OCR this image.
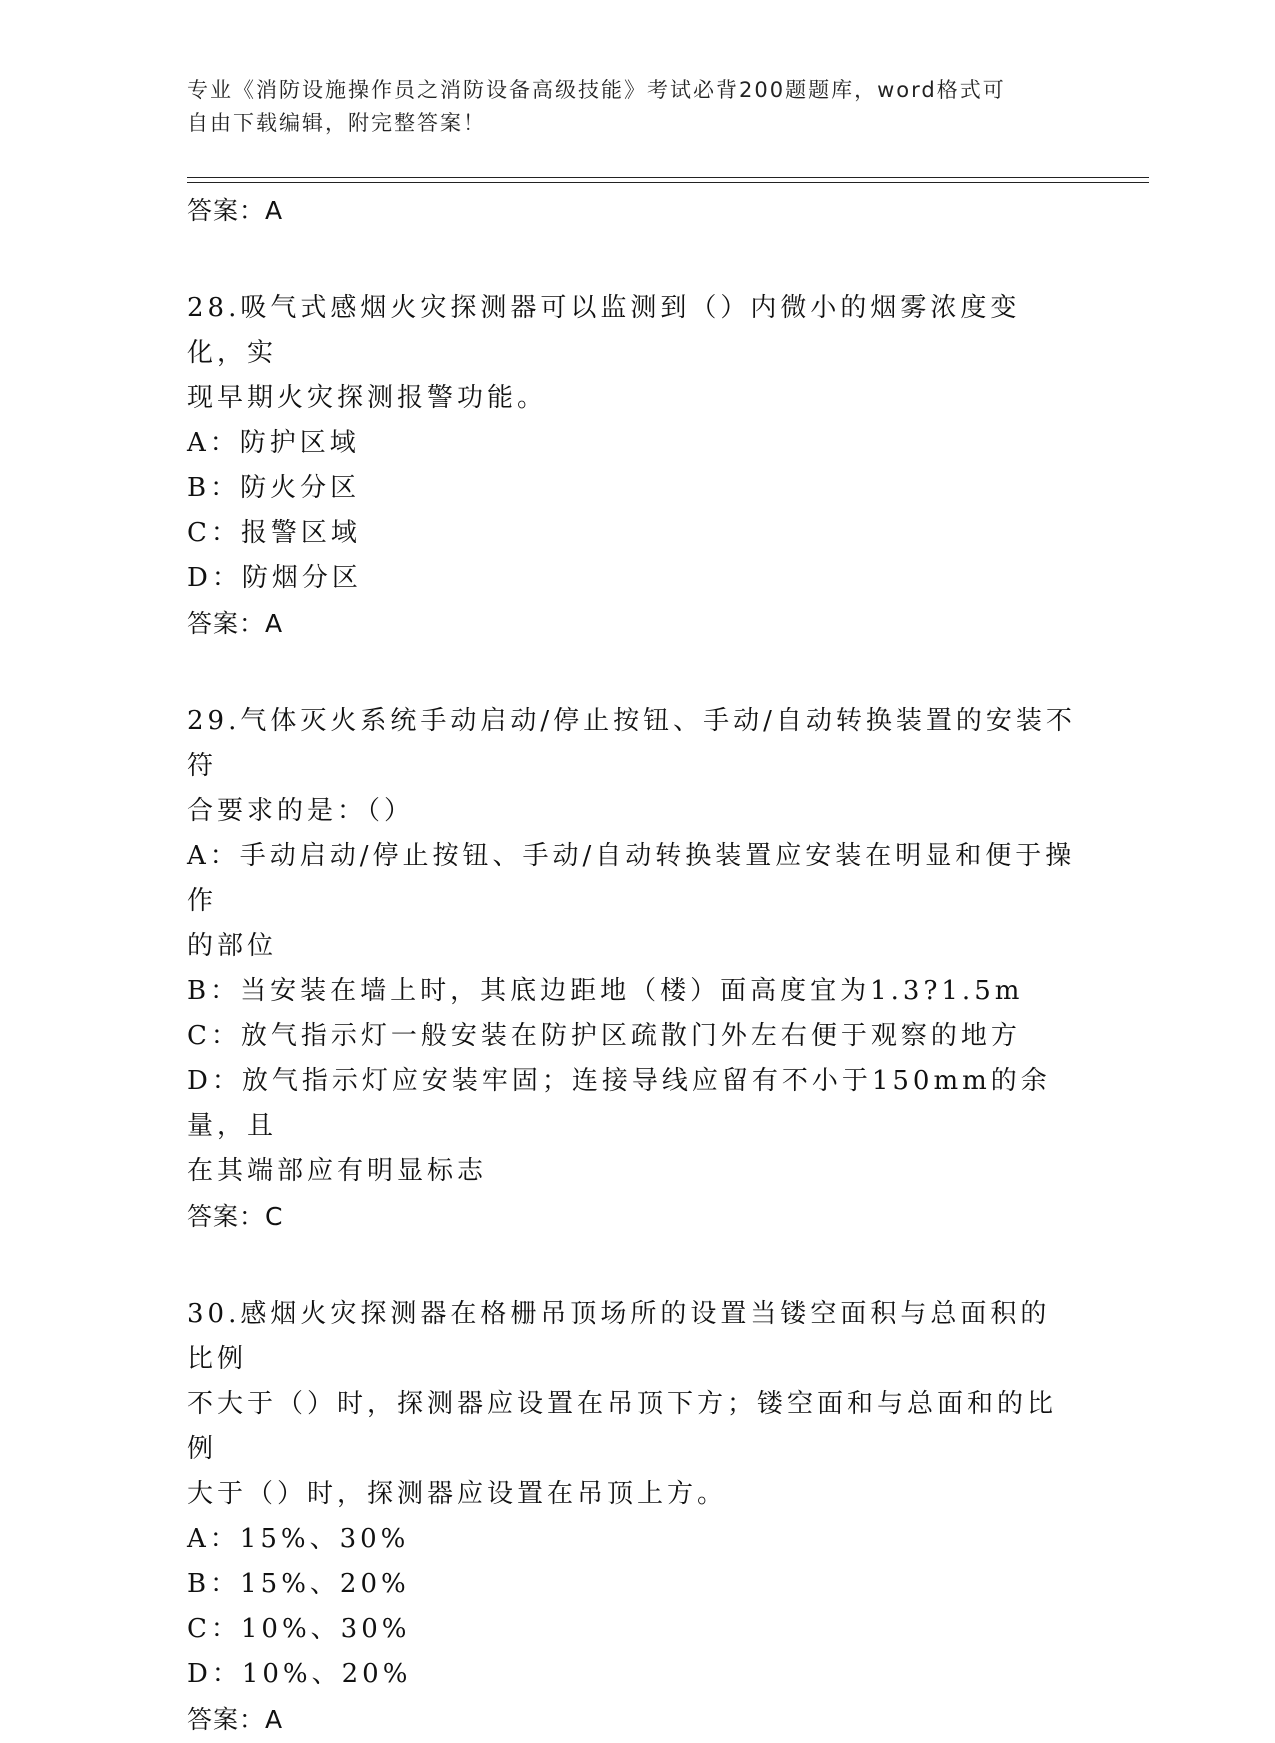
专业《消防设施操作员之消防设备高级技能》考试必背200题题库，word格式可
自由下载编辑，附完整答案！
答案：A
28.吸气式感烟火灾探测器可以监测到（）内微小的烟雾浓度变化，实
现早期火灾探测报警功能。
A：防护区域
B：防火分区
C：报警区域
D：防烟分区
答案：A
29.气体灭火系统手动启动/停止按钮、手动/自动转换装置的安装不符
合要求的是：（）
A：手动启动/停止按钮、手动/自动转换装置应安装在明显和便于操作
的部位
B：当安装在墙上时，其底边距地（楼）面高度宜为1.3?1.5m
C：放气指示灯一般安装在防护区疏散门外左右便于观察的地方
D：放气指示灯应安装牢固；连接导线应留有不小于150mm的余量，且
在其端部应有明显标志
答案：C
30.感烟火灾探测器在格栅吊顶场所的设置当镂空面积与总面积的比例
不大于（）时，探测器应设置在吊顶下方；镂空面和与总面和的比例
大于（）时，探测器应设置在吊顶上方。
A：15%、30%
B：15%、20%
C：10%、30%
D：10%、20%
答案：A
